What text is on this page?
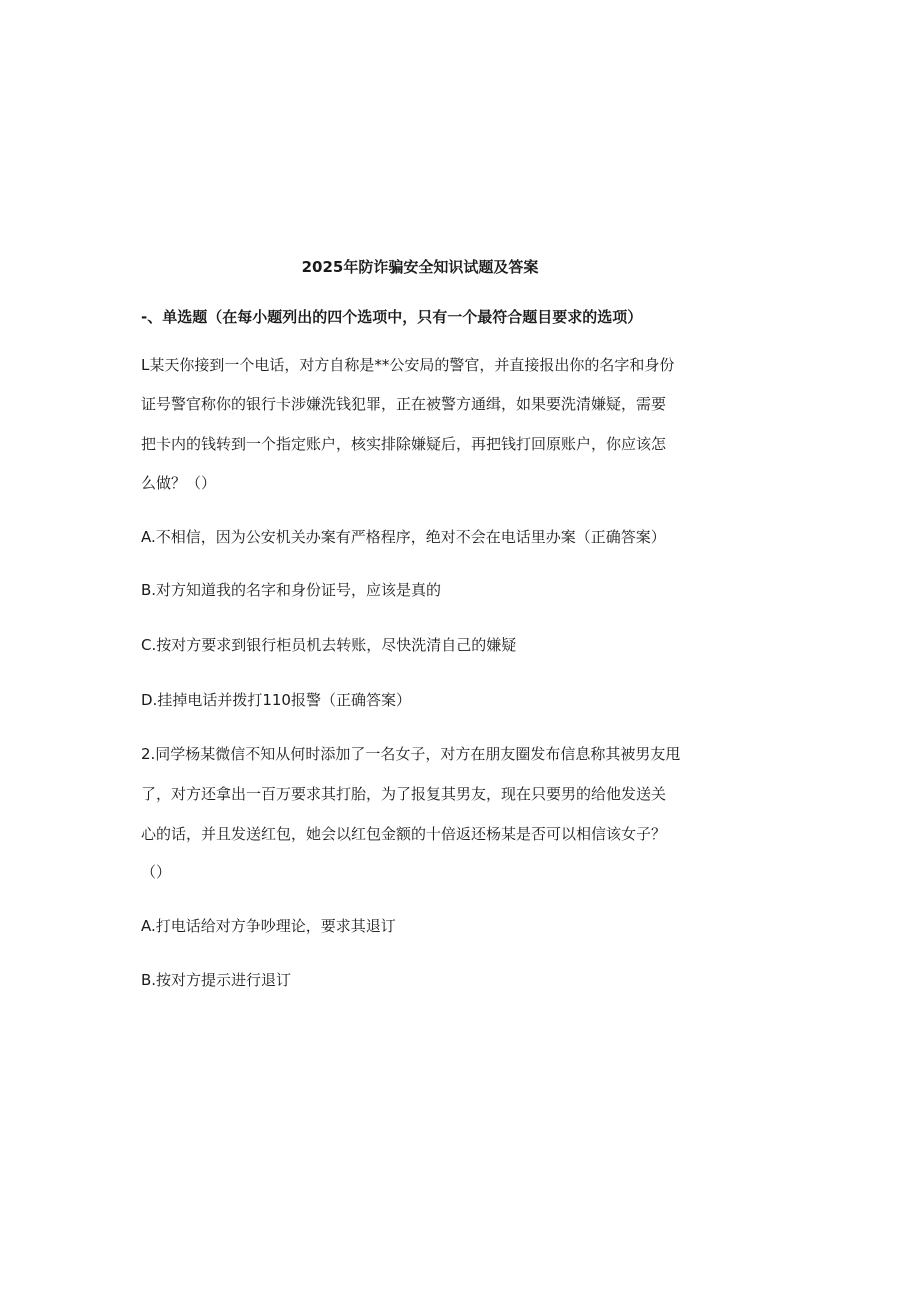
2025年防诈骗安全知识试题及答案
-、单选题（在每小题列出的四个选项中，只有一个最符合题目要求的选项）
L某天你接到一个电话，对方自称是**公安局的警官，并直接报出你的名字和身份
证号警官称你的银行卡涉嫌洗钱犯罪，正在被警方通缉，如果要洗清嫌疑，需要
把卡内的钱转到一个指定账户，核实排除嫌疑后，再把钱打回原账户，你应该怎
么做？（）
A.不相信，因为公安机关办案有严格程序，绝对不会在电话里办案（正确答案）
B.对方知道我的名字和身份证号，应该是真的
C.按对方要求到银行柜员机去转账，尽快洗清自己的嫌疑
D.挂掉电话并拨打110报警（正确答案）
2.同学杨某微信不知从何时添加了一名女子，对方在朋友圈发布信息称其被男友甩
了，对方还拿出一百万要求其打胎，为了报复其男友，现在只要男的给他发送关
心的话，并且发送红包，她会以红包金额的十倍返还杨某是否可以相信该女子？
（）
A.打电话给对方争吵理论，要求其退订
B.按对方提示进行退订
